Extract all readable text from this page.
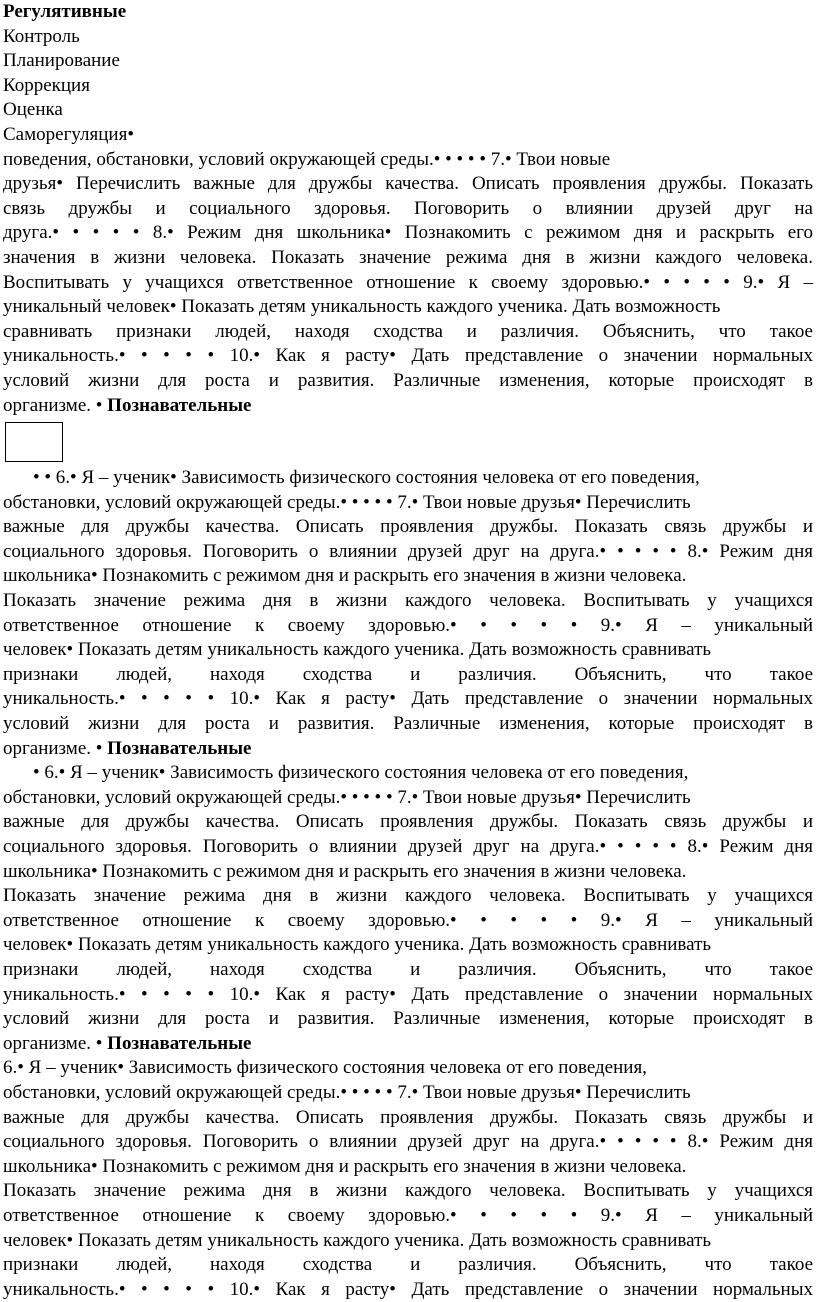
Регулятивные
Контроль
Планирование
Коррекция
Оценка
Саморегуляция•
поведения, обстановки, условий окружающей среды.• • • • • 7.• Твои новые
друзья• Перечислить важные для дружбы качества. Описать проявления дружбы. Показать
связь дружбы и социального здоровья. Поговорить о влиянии друзей друг на
друга.• • • • • 8.• Режим дня школьника• Познакомить с режимом дня и раскрыть его
значения в жизни человека. Показать значение режима дня в жизни каждого человека.
Воспитывать у учащихся ответственное отношение к своему здоровью.• • • • • 9.• Я –
уникальный человек• Показать детям уникальность каждого ученика. Дать возможность
сравнивать признаки людей, находя сходства и различия. Объяснить, что такое
уникальность.• • • • • 10.• Как я расту• Дать представление о значении нормальных
условий жизни для роста и развития. Различные изменения, которые происходят в
организме. • Познавательные
• • 6.• Я – ученик• Зависимость физического состояния человека от его поведения,
обстановки, условий окружающей среды.• • • • • 7.• Твои новые друзья• Перечислить
важные для дружбы качества. Описать проявления дружбы. Показать связь дружбы и
социального здоровья. Поговорить о влиянии друзей друг на друга.• • • • • 8.• Режим дня
школьника• Познакомить с режимом дня и раскрыть его значения в жизни человека.
Показать значение режима дня в жизни каждого человека. Воспитывать у учащихся
ответственное отношение к своему здоровью.• • • • • 9.• Я – уникальный
человек• Показать детям уникальность каждого ученика. Дать возможность сравнивать
признаки людей, находя сходства и различия. Объяснить, что такое
уникальность.• • • • • 10.• Как я расту• Дать представление о значении нормальных
условий жизни для роста и развития. Различные изменения, которые происходят в
организме. • Познавательные
• 6.• Я – ученик• Зависимость физического состояния человека от его поведения,
обстановки, условий окружающей среды.• • • • • 7.• Твои новые друзья• Перечислить
важные для дружбы качества. Описать проявления дружбы. Показать связь дружбы и
социального здоровья. Поговорить о влиянии друзей друг на друга.• • • • • 8.• Режим дня
школьника• Познакомить с режимом дня и раскрыть его значения в жизни человека.
Показать значение режима дня в жизни каждого человека. Воспитывать у учащихся
ответственное отношение к своему здоровью.• • • • • 9.• Я – уникальный
человек• Показать детям уникальность каждого ученика. Дать возможность сравнивать
признаки людей, находя сходства и различия. Объяснить, что такое
уникальность.• • • • • 10.• Как я расту• Дать представление о значении нормальных
условий жизни для роста и развития. Различные изменения, которые происходят в
организме. • Познавательные
6.• Я – ученик• Зависимость физического состояния человека от его поведения,
обстановки, условий окружающей среды.• • • • • 7.• Твои новые друзья• Перечислить
важные для дружбы качества. Описать проявления дружбы. Показать связь дружбы и
социального здоровья. Поговорить о влиянии друзей друг на друга.• • • • • 8.• Режим дня
школьника• Познакомить с режимом дня и раскрыть его значения в жизни человека.
Показать значение режима дня в жизни каждого человека. Воспитывать у учащихся
ответственное отношение к своему здоровью.• • • • • 9.• Я – уникальный
человек• Показать детям уникальность каждого ученика. Дать возможность сравнивать
признаки людей, находя сходства и различия. Объяснить, что такое
уникальность.• • • • • 10.• Как я расту• Дать представление о значении нормальных
